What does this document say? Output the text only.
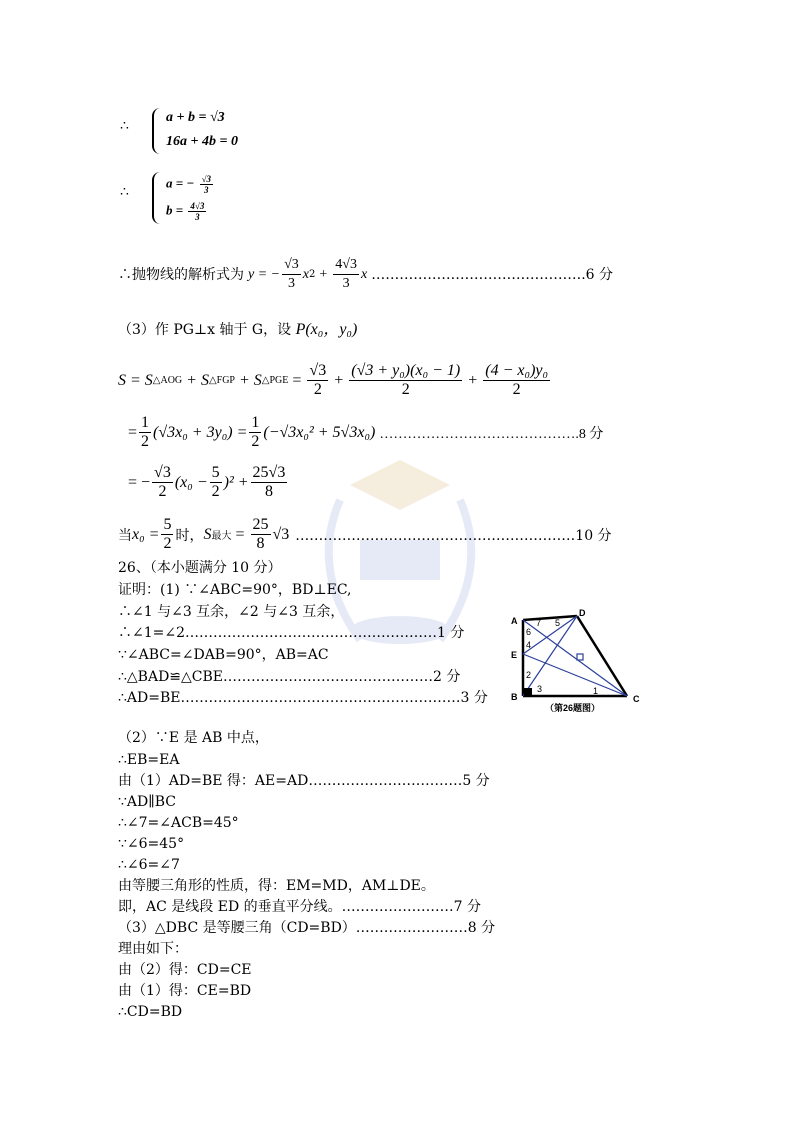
∴
a + b = √3
16a + 4b = 0
∴
a = − $\frac{√3}{3}$
$b = \frac{4√3}{3}$
∴抛物线的解析式为 y = − $\frac{√3}{3}$ x $2 + \frac{4√3}{3}$ x ……………………………………….6 分
（3）作 PG⊥x 轴于 G，设 P(x₀，y₀)
S = S △AOG + S △FGP + S △PGE = $\frac{√3}{2} + \frac{\text{(√3 + y₀)(x₀ − 1)}}{2} + \frac{\text{(4 − x₀)y₀}}{2}$
= $\frac{1}{2} (√3x_0 + 3y_0) = \frac{1}{2} (-√3x_0^2 + 5√3x_0)$ …………………………………….8 分
= − $\frac{√3}{2} (x_0 - \frac{5}{2} )^2 + \frac{25√3}{8}$
当 $x_0 = \frac{5}{2}$ 时， S 最大 = $\frac{25}{8} √3$ ……………………………………………………10 分
26、（本小题满分 10 分）
证明：(1) ∵∠ABC=90°，BD⊥EC,
∴∠1 与∠3 互余，∠2 与∠3 互余，
∴∠1=∠2………………………………………………1 分
∵∠ABC=∠DAB=90°，AB=AC
∴△BAD≌△CBE………………………………………2 分
∴AD=BE……………………………………………………3 分
A
D
E
B	C
7 5
6
4
2
3	1
（第26题图）
（2）∵E 是 AB 中点，
∴EB=EA
由（1）AD=BE 得：AE=AD……………………………5 分
∵AD∥BC
∴∠7=∠ACB=45°
∵∠6=45°
∴∠6=∠7
由等腰三角形的性质，得：EM=MD，AM⊥DE。
即，AC 是线段 ED 的垂直平分线。……………………7 分
（3）△DBC 是等腰三角（CD=BD）……………………8 分
理由如下：
由（2）得：CD=CE
由（1）得：CE=BD
∴CD=BD
